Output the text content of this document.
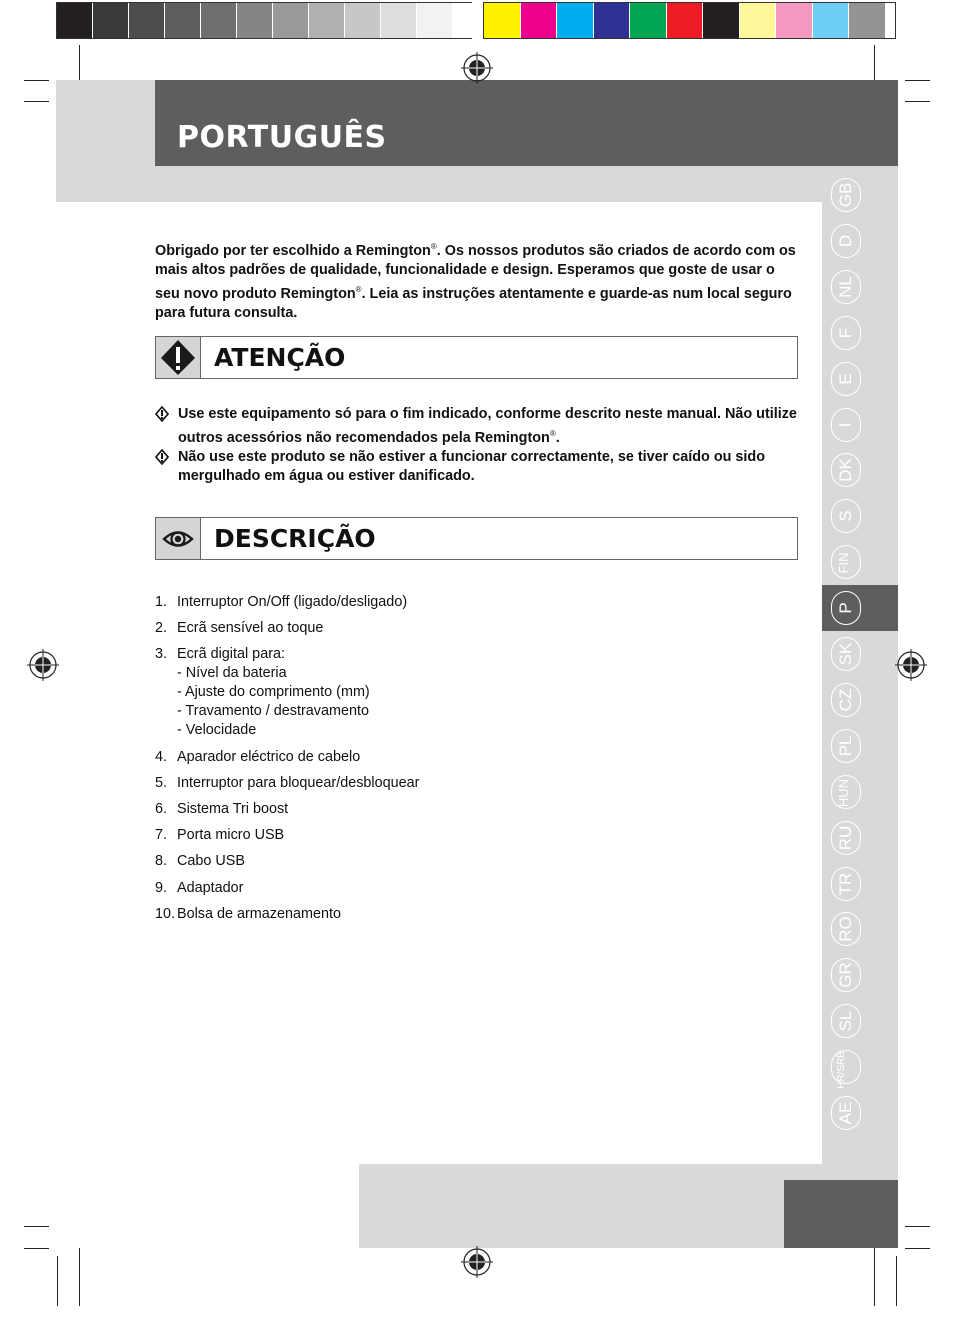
PORTUGUÊS
Obrigado por ter escolhido a Remington®. Os nossos produtos são criados de acordo com os mais altos padrões de qualidade, funcionalidade e design. Esperamos que goste de usar o seu novo produto Remington®. Leia as instruções atentamente e guarde-as num local seguro para futura consulta.
ATENÇÃO
Use este equipamento só para o fim indicado, conforme descrito neste manual. Não utilize outros acessórios não recomendados pela Remington®.
Não use este produto se não estiver a funcionar correctamente, se tiver caído ou sido mergulhado em água ou estiver danificado.
DESCRIÇÃO
1. Interruptor On/Off (ligado/desligado)
2. Ecrã sensível ao toque
3. Ecrã digital para:
- Nível da bateria
- Ajuste do comprimento (mm)
- Travamento / destravamento
- Velocidade
4. Aparador eléctrico de cabelo
5. Interruptor para bloquear/desbloquear
6. Sistema Tri boost
7. Porta micro USB
8. Cabo USB
9. Adaptador
10. Bolsa de armazenamento
GB
D
NL
F
E
I
DK
S
FIN
P
SK
CZ
PL
HUN
RU
TR
RO
GR
SL
HR/SRB
AE
